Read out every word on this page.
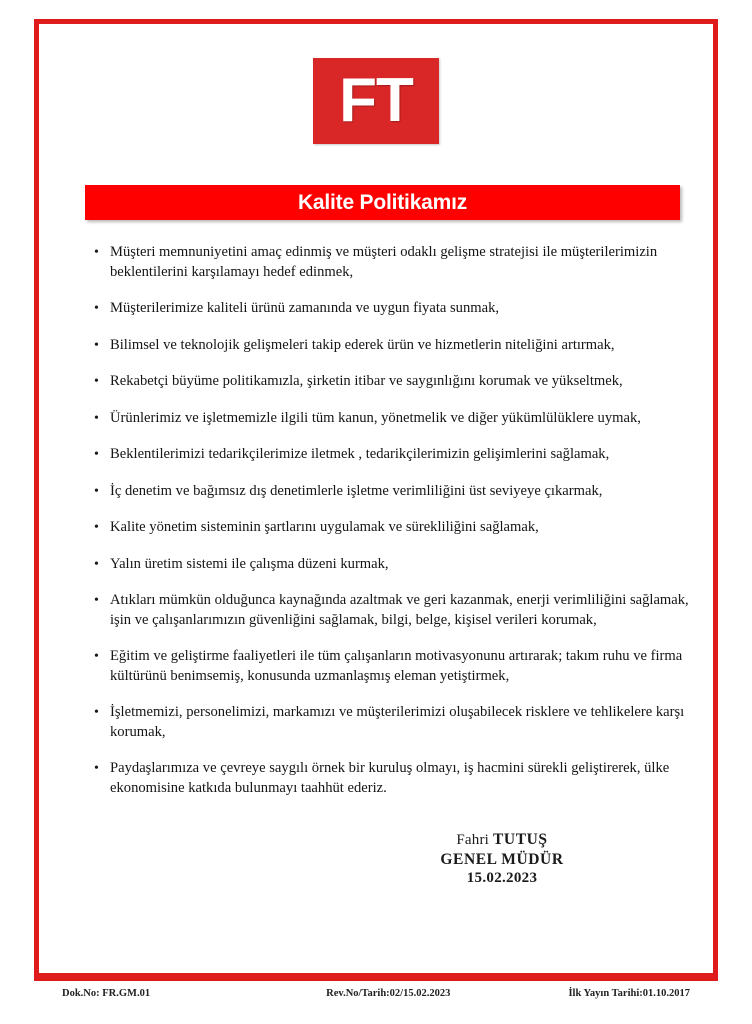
FT
Kalite Politikamız
• Müşteri memnuniyetini amaç edinmiş ve müşteri odaklı gelişme stratejisi ile müşterilerimizin beklentilerini karşılamayı hedef edinmek,
• Müşterilerimize kaliteli ürünü zamanında ve uygun fiyata sunmak,
• Bilimsel ve teknolojik gelişmeleri takip ederek ürün ve hizmetlerin niteliğini artırmak,
• Rekabetçi büyüme politikamızla, şirketin itibar ve saygınlığını korumak ve yükseltmek,
• Ürünlerimiz ve işletmemizle ilgili tüm kanun, yönetmelik ve diğer yükümlülüklere uymak,
• Beklentilerimizi tedarikçilerimize iletmek , tedarikçilerimizin gelişimlerini sağlamak,
• İç denetim ve bağımsız dış denetimlerle işletme verimliliğini üst seviyeye çıkarmak,
• Kalite yönetim sisteminin şartlarını uygulamak ve sürekliliğini sağlamak,
• Yalın üretim sistemi ile çalışma düzeni kurmak,
• Atıkları mümkün olduğunca kaynağında azaltmak ve geri kazanmak, enerji verimliliğini sağlamak, işin ve çalışanlarımızın güvenliğini sağlamak, bilgi, belge, kişisel verileri korumak,
• Eğitim ve geliştirme faaliyetleri ile tüm çalışanların motivasyonunu artırarak; takım ruhu ve firma kültürünü benimsemiş, konusunda uzmanlaşmış eleman yetiştirmek,
• İşletmemizi, personelimizi, markamızı ve müşterilerimizi oluşabilecek risklere ve tehlikelere karşı korumak,
• Paydaşlarımıza ve çevreye saygılı örnek bir kuruluş olmayı, iş hacmini sürekli geliştirerek, ülke ekonomisine katkıda bulunmayı taahhüt ederiz.
Fahri TUTUŞ
GENEL MÜDÜR
15.02.2023
Dok.No: FR.GM.01	Rev.No/Tarih:02/15.02.2023	İlk Yayın Tarihi:01.10.2017
